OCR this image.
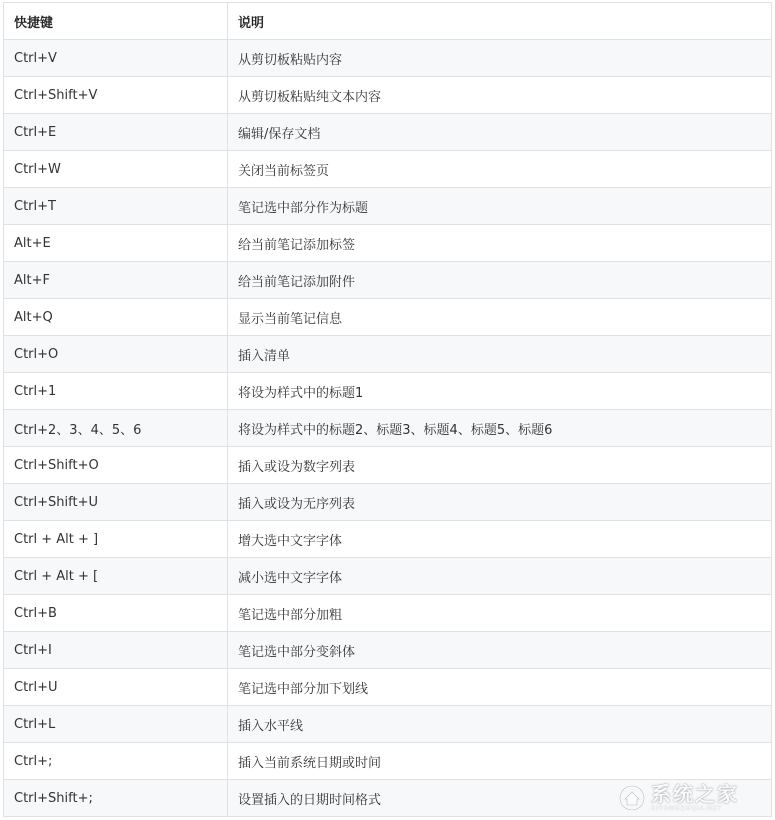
快捷键	说明
Ctrl+V	从剪切板粘贴内容
Ctrl+Shift+V	从剪切板粘贴纯文本内容
Ctrl+E	编辑/保存文档
Ctrl+W	关闭当前标签页
Ctrl+T	笔记选中部分作为标题
Alt+E	给当前笔记添加标签
Alt+F	给当前笔记添加附件
Alt+Q	显示当前笔记信息
Ctrl+O	插入清单
Ctrl+1	将设为样式中的标题1
Ctrl+2、3、4、5、6	将设为样式中的标题2、标题3、标题4、标题5、标题6
Ctrl+Shift+O	插入或设为数字列表
Ctrl+Shift+U	插入或设为无序列表
Ctrl + Alt + ]	增大选中文字字体
Ctrl + Alt + [	减小选中文字字体
Ctrl+B	笔记选中部分加粗
Ctrl+I	笔记选中部分变斜体
Ctrl+U	笔记选中部分加下划线
Ctrl+L	插入水平线
Ctrl+;	插入当前系统日期或时间
Ctrl+Shift+;	设置插入的日期时间格式	系统之家
XITONGZHIJIA.NET
